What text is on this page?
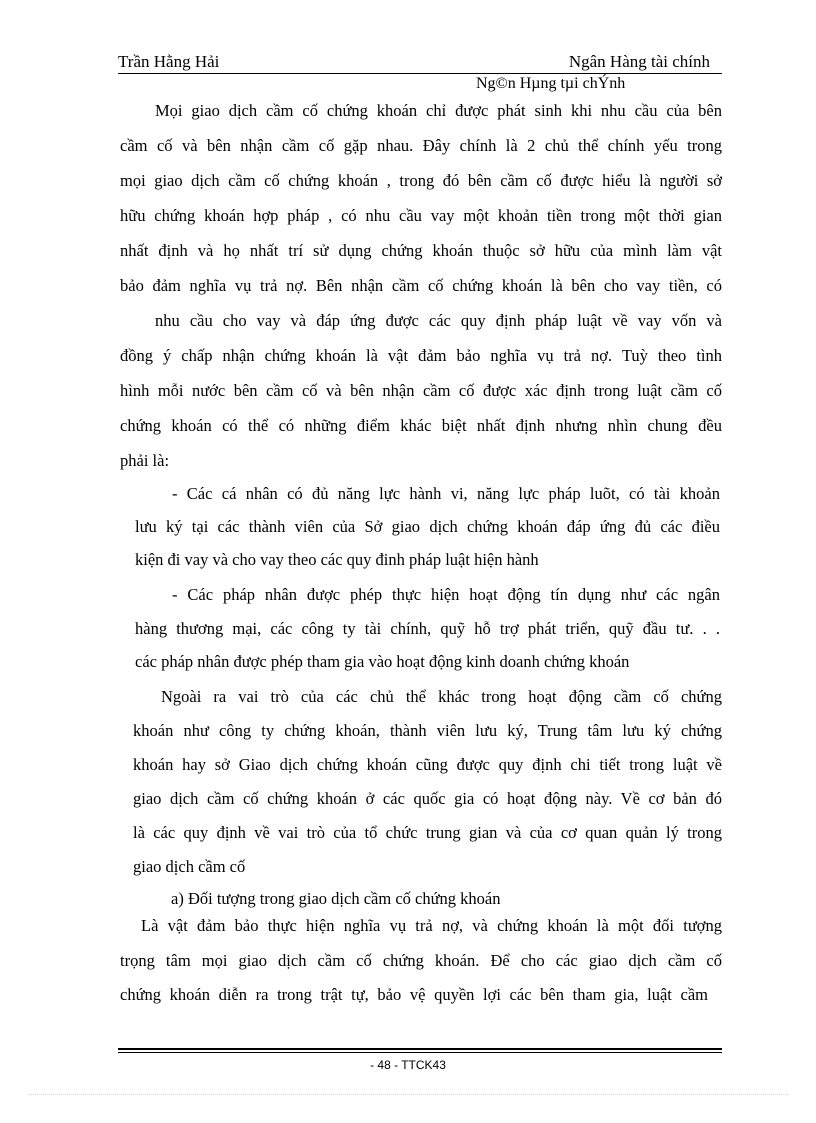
Trần Hằng Hải	Ngân Hàng tài chính
Ng©n Hµng tµi chÝnh
Mọi giao dịch cầm cố chứng khoán chỉ được phát sinh khi nhu cầu của bên
cầm cố và bên nhận cầm cố gặp nhau. Đây chính là 2 chủ thể chính yếu trong
mọi giao dịch cầm cố chứng khoán , trong đó bên cầm cố được hiểu là người sở
hữu chứng khoán hợp pháp , có nhu cầu vay một khoản tiền trong một thời gian
nhất định và họ nhất trí sử dụng chứng khoán thuộc sở hữu của mình làm vật
bảo đảm nghĩa vụ trả nợ. Bên nhận cầm cố chứng khoán là bên cho vay tiền, có
nhu cầu cho vay và đáp ứng được các quy định pháp luật về vay vốn và
đồng ý chấp nhận chứng khoán là vật đảm bảo nghĩa vụ trả nợ. Tuỳ theo tình
hình mỗi nước bên cầm cố và bên nhận cầm cố được xác định trong luật cầm cố
chứng khoán có thể có những điểm khác biệt nhất định nhưng nhìn chung đều
phải là:
- Các cá nhân có đủ năng lực hành vi, năng lực pháp luõt, có tài khoản
lưu ký tại các thành viên của Sở giao dịch chứng khoán đáp ứng đủ các điều
kiện đi vay và cho vay theo các quy đinh pháp luật hiện hành
- Các pháp nhân được phép thực hiện hoạt động tín dụng như các ngân
hàng thương mại, các công ty tài chính, quỹ hỗ trợ phát triển, quỹ đầu tư. . .
các pháp nhân được phép tham gia vào hoạt động kinh doanh chứng khoán
Ngoài ra vai trò của các chủ thể khác trong hoạt động cầm cố chứng
khoán như công ty chứng khoán, thành viên lưu ký, Trung tâm lưu ký chứng
khoán hay sở Giao dịch chứng khoán cũng được quy định chi tiết trong luật về
giao dịch cầm cố chứng khoán ở các quốc gia có hoạt động này. Về cơ bản đó
là các quy định về vai trò của tổ chức trung gian và của cơ quan quản lý trong
giao dịch cầm cố
a) Đối tượng trong giao dịch cầm cố chứng khoán
Là vật đảm bảo thực hiện nghĩa vụ trả nợ, và chứng khoán là một đối tượng
trọng tâm mọi giao dịch cầm cố chứng khoán. Để cho các giao dịch cầm cố
chứng khoán diễn ra trong trật tự, bảo vệ quyền lợi các bên tham gia, luật cầm
- 48 - TTCK43
